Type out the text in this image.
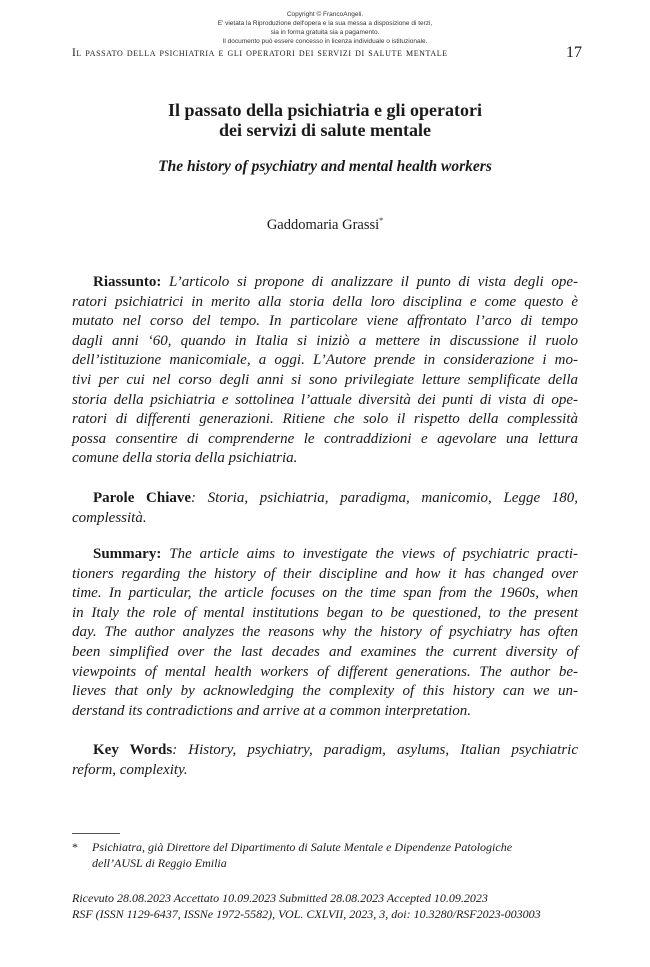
Copyright © FrancoAngeli.
E' vietata la Riproduzione dell'opera e la sua messa a disposizione di terzi,
sia in forma gratuita sia a pagamento.
Il documento può essere concesso in licenza individuale o istituzionale.
Il passato della psichiatria e gli operatori dei servizi di salute mentale	17
Il passato della psichiatria e gli operatori
dei servizi di salute mentale
The history of psychiatry and mental health workers
Gaddomaria Grassi*
Riassunto: L’articolo si propone di analizzare il punto di vista degli ope-
ratori psichiatrici in merito alla storia della loro disciplina e come questo è
mutato nel corso del tempo. In particolare viene affrontato l’arco di tempo
dagli anni ‘60, quando in Italia si iniziò a mettere in discussione il ruolo
dell’istituzione manicomiale, a oggi. L’Autore prende in considerazione i mo-
tivi per cui nel corso degli anni si sono privilegiate letture semplificate della
storia della psichiatria e sottolinea l’attuale diversità dei punti di vista di ope-
ratori di differenti generazioni. Ritiene che solo il rispetto della complessità
possa consentire di comprenderne le contraddizioni e agevolare una lettura
comune della storia della psichiatria.
Parole Chiave: Storia, psichiatria, paradigma, manicomio, Legge 180,
complessità.
Summary: The article aims to investigate the views of psychiatric practi-
tioners regarding the history of their discipline and how it has changed over
time. In particular, the article focuses on the time span from the 1960s, when
in Italy the role of mental institutions began to be questioned, to the present
day. The author analyzes the reasons why the history of psychiatry has often
been simplified over the last decades and examines the current diversity of
viewpoints of mental health workers of different generations. The author be-
lieves that only by acknowledging the complexity of this history can we un-
derstand its contradictions and arrive at a common interpretation.
Key Words: History, psychiatry, paradigm, asylums, Italian psychiatric
reform, complexity.
* Psichiatra, già Direttore del Dipartimento di Salute Mentale e Dipendenze Patologiche
dell’AUSL di Reggio Emilia
Ricevuto 28.08.2023 Accettato 10.09.2023 Submitted 28.08.2023 Accepted 10.09.2023
RSF (ISSN 1129-6437, ISSNe 1972-5582), VOL. CXLVII, 2023, 3, doi: 10.3280/RSF2023-003003
